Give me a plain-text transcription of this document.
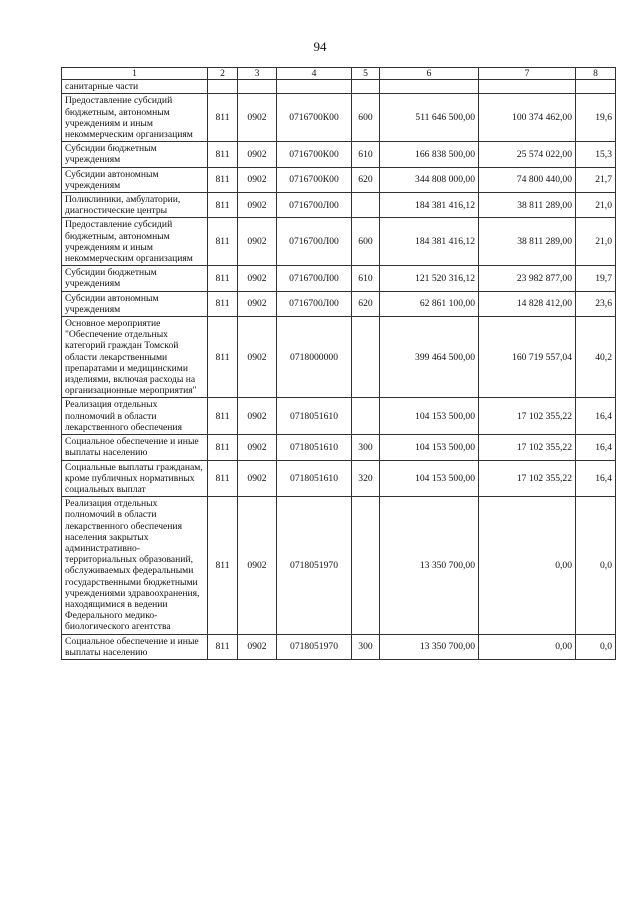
94
1	2	3	4	5	6	7	8
санитарные части							
Предоставление субсидий бюджетным, автономным учреждениям и иным некоммерческим организациям	811	0902	0716700К00	600	511 646 500,00	100 374 462,00	19,6
Субсидии бюджетным учреждениям	811	0902	0716700К00	610	166 838 500,00	25 574 022,00	15,3
Субсидии автономным учреждениям	811	0902	0716700К00	620	344 808 000,00	74 800 440,00	21,7
Поликлиники, амбулатории, диагностические центры	811	0902	0716700Л00		184 381 416,12	38 811 289,00	21,0
Предоставление субсидий бюджетным, автономным учреждениям и иным некоммерческим организациям	811	0902	0716700Л00	600	184 381 416,12	38 811 289,00	21,0
Субсидии бюджетным учреждениям	811	0902	0716700Л00	610	121 520 316,12	23 982 877,00	19,7
Субсидии автономным учреждениям	811	0902	0716700Л00	620	62 861 100,00	14 828 412,00	23,6
Основное мероприятие "Обеспечение отдельных категорий граждан Томской области лекарственными препаратами и медицинскими изделиями, включая расходы на организационные мероприятия"	811	0902	0718000000		399 464 500,00	160 719 557,04	40,2
Реализация отдельных полномочий в области лекарственного обеспечения	811	0902	0718051610		104 153 500,00	17 102 355,22	16,4
Социальное обеспечение и иные выплаты населению	811	0902	0718051610	300	104 153 500,00	17 102 355,22	16,4
Социальные выплаты гражданам, кроме публичных нормативных социальных выплат	811	0902	0718051610	320	104 153 500,00	17 102 355,22	16,4
Реализация отдельных полномочий в области лекарственного обеспечения населения закрытых административно-территориальных образований, обслуживаемых федеральными государственными бюджетными учреждениями здравоохранения, находящимися в ведении Федерального медико-биологического агентства	811	0902	0718051970		13 350 700,00	0,00	0,0
Социальное обеспечение и иные выплаты населению	811	0902	0718051970	300	13 350 700,00	0,00	0,0
